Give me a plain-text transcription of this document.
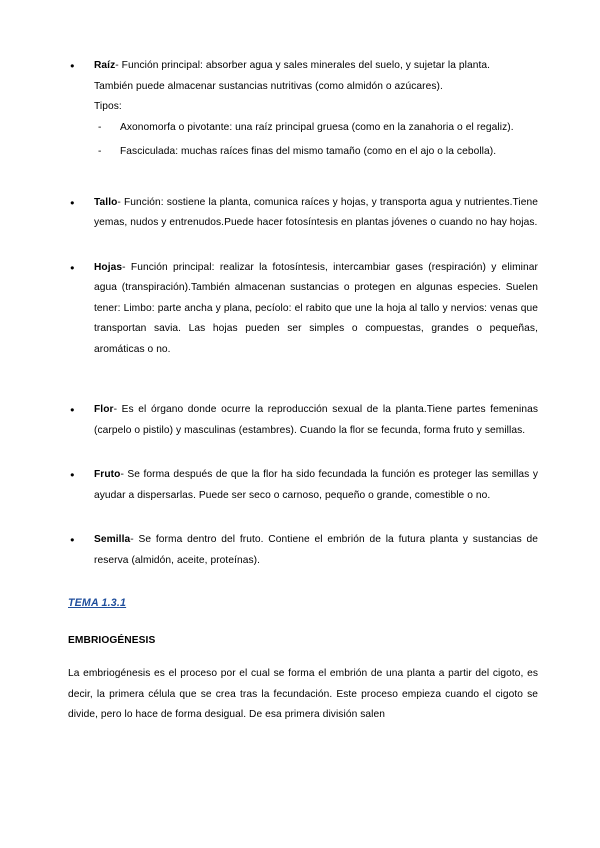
● Raíz- Función principal: absorber agua y sales minerales del suelo, y sujetar la planta.

También puede almacenar sustancias nutritivas (como almidón o azúcares).

Tipos:

- Axonomorfa o pivotante: una raíz principal gruesa (como en la zanahoria o el regaliz).

- Fasciculada: muchas raíces finas del mismo tamaño (como en el ajo o la cebolla).

● Tallo- Función: sostiene la planta, comunica raíces y hojas, y transporta agua y nutrientes.Tiene yemas, nudos y entrenudos.Puede hacer fotosíntesis en plantas jóvenes o cuando no hay hojas.

● Hojas- Función principal: realizar la fotosíntesis, intercambiar gases (respiración) y eliminar agua (transpiración).También almacenan sustancias o protegen en algunas especies. Suelen tener: Limbo: parte ancha y plana, pecíolo: el rabito que une la hoja al tallo y nervios: venas que transportan savia. Las hojas pueden ser simples o compuestas, grandes o pequeñas, aromáticas o no.

● Flor- Es el órgano donde ocurre la reproducción sexual de la planta.Tiene partes femeninas (carpelo o pistilo) y masculinas (estambres). Cuando la flor se fecunda, forma fruto y semillas.

● Fruto- Se forma después de que la flor ha sido fecundada la función es proteger las semillas y ayudar a dispersarlas. Puede ser seco o carnoso, pequeño o grande, comestible o no.

● Semilla- Se forma dentro del fruto. Contiene el embrión de la futura planta y sustancias de reserva (almidón, aceite, proteínas).

TEMA 1.3.1

EMBRIOGÉNESIS

La embriogénesis es el proceso por el cual se forma el embrión de una planta a partir del cigoto, es decir, la primera célula que se crea tras la fecundación. Este proceso empieza cuando el cigoto se divide, pero lo hace de forma desigual. De esa primera división salen
